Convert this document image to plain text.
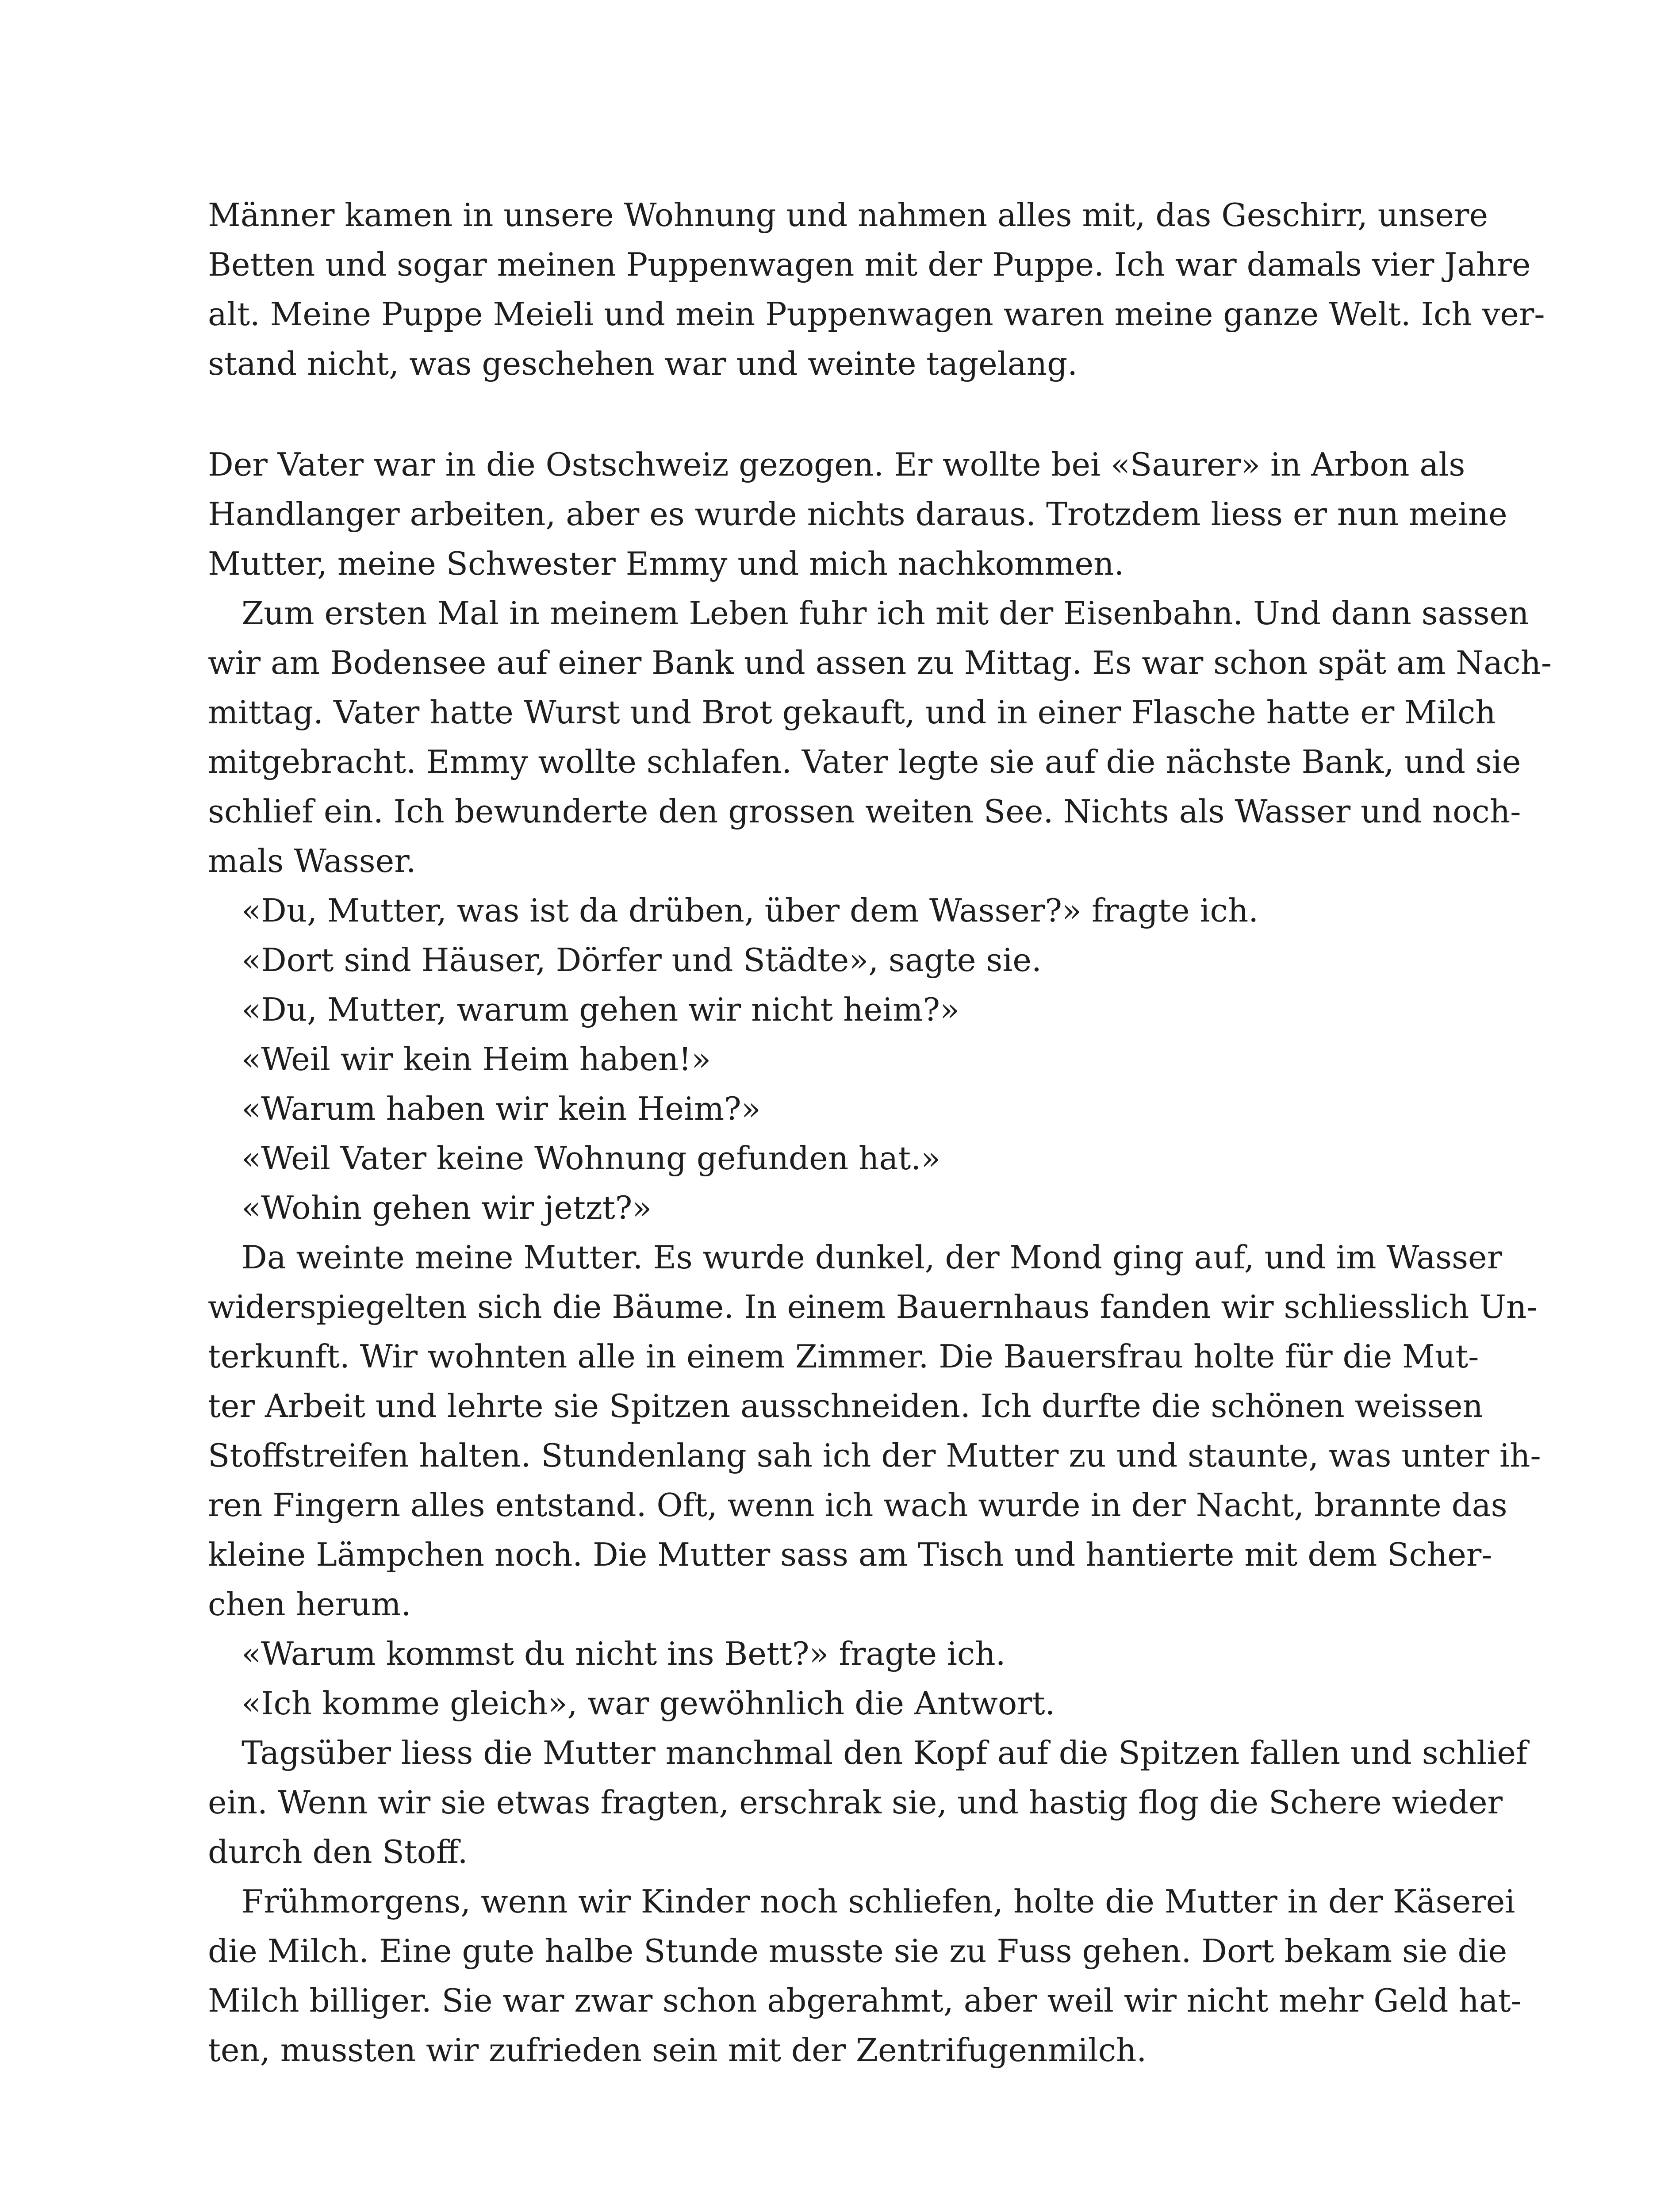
Männer kamen in unsere Wohnung und nahmen alles mit, das Geschirr, unsere
Betten und sogar meinen Puppenwagen mit der Puppe. Ich war damals vier Jahre
alt. Meine Puppe Meieli und mein Puppenwagen waren meine ganze Welt. Ich ver-
stand nicht, was geschehen war und weinte tagelang.
Der Vater war in die Ostschweiz gezogen. Er wollte bei «Saurer» in Arbon als
Handlanger arbeiten, aber es wurde nichts daraus. Trotzdem liess er nun meine
Mutter, meine Schwester Emmy und mich nachkommen.
Zum ersten Mal in meinem Leben fuhr ich mit der Eisenbahn. Und dann sassen
wir am Bodensee auf einer Bank und assen zu Mittag. Es war schon spät am Nach-
mittag. Vater hatte Wurst und Brot gekauft, und in einer Flasche hatte er Milch
mitgebracht. Emmy wollte schlafen. Vater legte sie auf die nächste Bank, und sie
schlief ein. Ich bewunderte den grossen weiten See. Nichts als Wasser und noch-
mals Wasser.
«Du, Mutter, was ist da drüben, über dem Wasser?» fragte ich.
«Dort sind Häuser, Dörfer und Städte», sagte sie.
«Du, Mutter, warum gehen wir nicht heim?»
«Weil wir kein Heim haben!»
«Warum haben wir kein Heim?»
«Weil Vater keine Wohnung gefunden hat.»
«Wohin gehen wir jetzt?»
Da weinte meine Mutter. Es wurde dunkel, der Mond ging auf, und im Wasser
widerspiegelten sich die Bäume. In einem Bauernhaus fanden wir schliesslich Un-
terkunft. Wir wohnten alle in einem Zimmer. Die Bauersfrau holte für die Mut-
ter Arbeit und lehrte sie Spitzen ausschneiden. Ich durfte die schönen weissen
Stoffstreifen halten. Stundenlang sah ich der Mutter zu und staunte, was unter ih-
ren Fingern alles entstand. Oft, wenn ich wach wurde in der Nacht, brannte das
kleine Lämpchen noch. Die Mutter sass am Tisch und hantierte mit dem Scher-
chen herum.
«Warum kommst du nicht ins Bett?» fragte ich.
«Ich komme gleich», war gewöhnlich die Antwort.
Tagsüber liess die Mutter manchmal den Kopf auf die Spitzen fallen und schlief
ein. Wenn wir sie etwas fragten, erschrak sie, und hastig flog die Schere wieder
durch den Stoff.
Frühmorgens, wenn wir Kinder noch schliefen, holte die Mutter in der Käserei
die Milch. Eine gute halbe Stunde musste sie zu Fuss gehen. Dort bekam sie die
Milch billiger. Sie war zwar schon abgerahmt, aber weil wir nicht mehr Geld hat-
ten, mussten wir zufrieden sein mit der Zentrifugenmilch.
